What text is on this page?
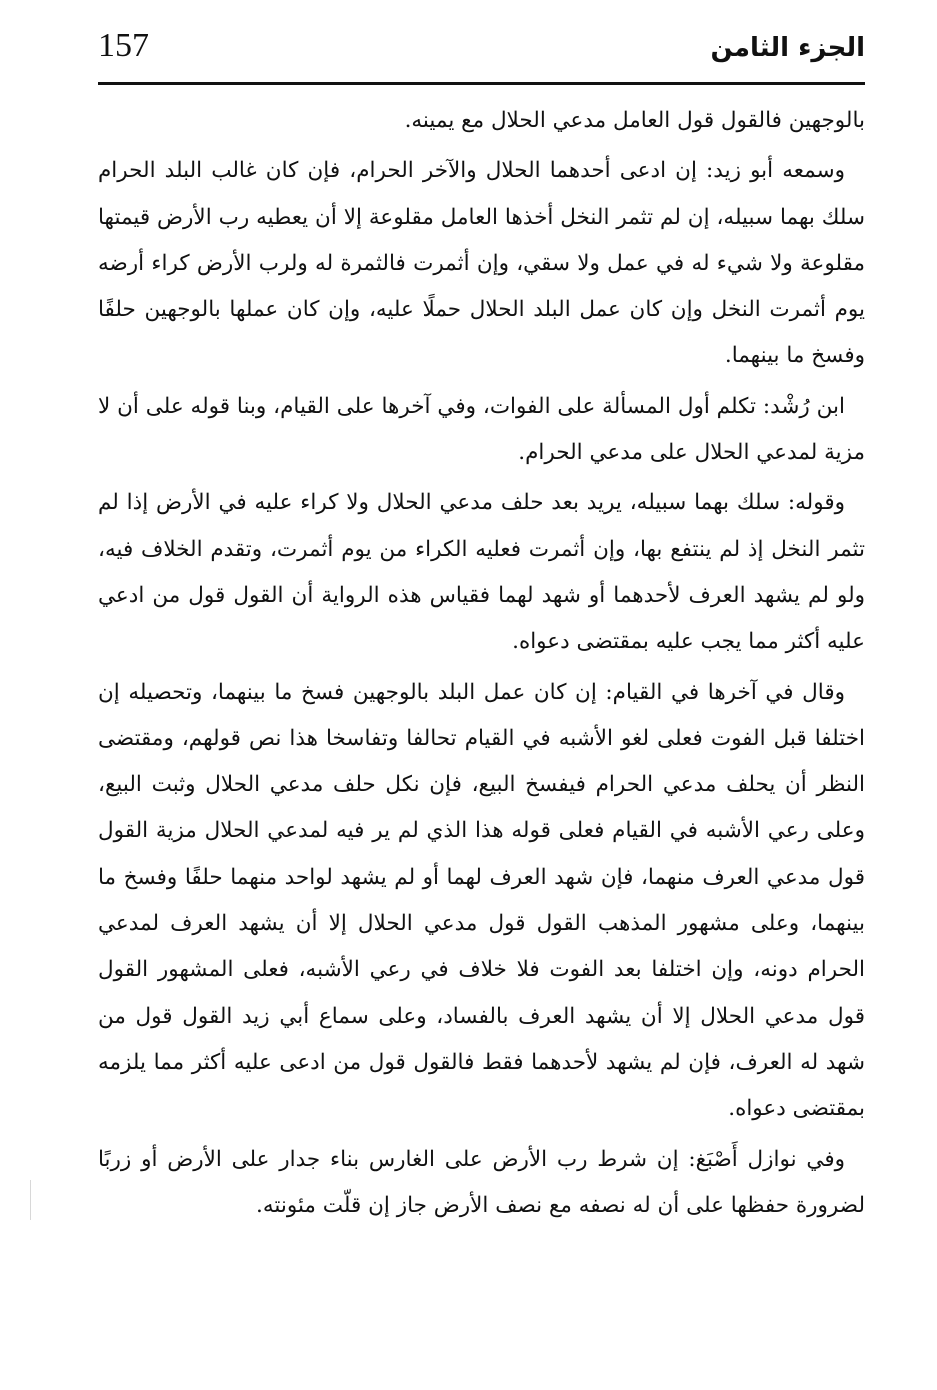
157	الجزء الثامن

بالوجهين فالقول قول العامل مدعي الحلال مع يمينه.

وسمعه أبو زيد: إن ادعى أحدهما الحلال والآخر الحرام، فإن كان غالب البلد الحرام سلك بهما سبيله، إن لم تثمر النخل أخذها العامل مقلوعة إلا أن يعطيه رب الأرض قيمتها مقلوعة ولا شيء له في عمل ولا سقي، وإن أثمرت فالثمرة له ولرب الأرض كراء أرضه يوم أثمرت النخل وإن كان عمل البلد الحلال حملًا عليه، وإن كان عملها بالوجهين حلفًا وفسخ ما بينهما.

ابن رُشْد: تكلم أول المسألة على الفوات، وفي آخرها على القيام، وبنا قوله على أن لا مزية لمدعي الحلال على مدعي الحرام.

وقوله: سلك بهما سبيله، يريد بعد حلف مدعي الحلال ولا كراء عليه في الأرض إذا لم تثمر النخل إذ لم ينتفع بها، وإن أثمرت فعليه الكراء من يوم أثمرت، وتقدم الخلاف فيه، ولو لم يشهد العرف لأحدهما أو شهد لهما فقياس هذه الرواية أن القول قول من ادعي عليه أكثر مما يجب عليه بمقتضى دعواه.

وقال في آخرها في القيام: إن كان عمل البلد بالوجهين فسخ ما بينهما، وتحصيله إن اختلفا قبل الفوت فعلى لغو الأشبه في القيام تحالفا وتفاسخا هذا نص قولهم، ومقتضى النظر أن يحلف مدعي الحرام فيفسخ البيع، فإن نكل حلف مدعي الحلال وثبت البيع، وعلى رعي الأشبه في القيام فعلى قوله هذا الذي لم ير فيه لمدعي الحلال مزية القول قول مدعي العرف منهما، فإن شهد العرف لهما أو لم يشهد لواحد منهما حلفًا وفسخ ما بينهما، وعلى مشهور المذهب القول قول مدعي الحلال إلا أن يشهد العرف لمدعي الحرام دونه، وإن اختلفا بعد الفوت فلا خلاف في رعي الأشبه، فعلى المشهور القول قول مدعي الحلال إلا أن يشهد العرف بالفساد، وعلى سماع أبي زيد القول قول من شهد له العرف، فإن لم يشهد لأحدهما فقط فالقول قول من ادعى عليه أكثر مما يلزمه بمقتضى دعواه.

وفي نوازل أَصْبَغ: إن شرط رب الأرض على الغارس بناء جدار على الأرض أو زربًا لضرورة حفظها على أن له نصفه مع نصف الأرض جاز إن قلّت مئونته.
